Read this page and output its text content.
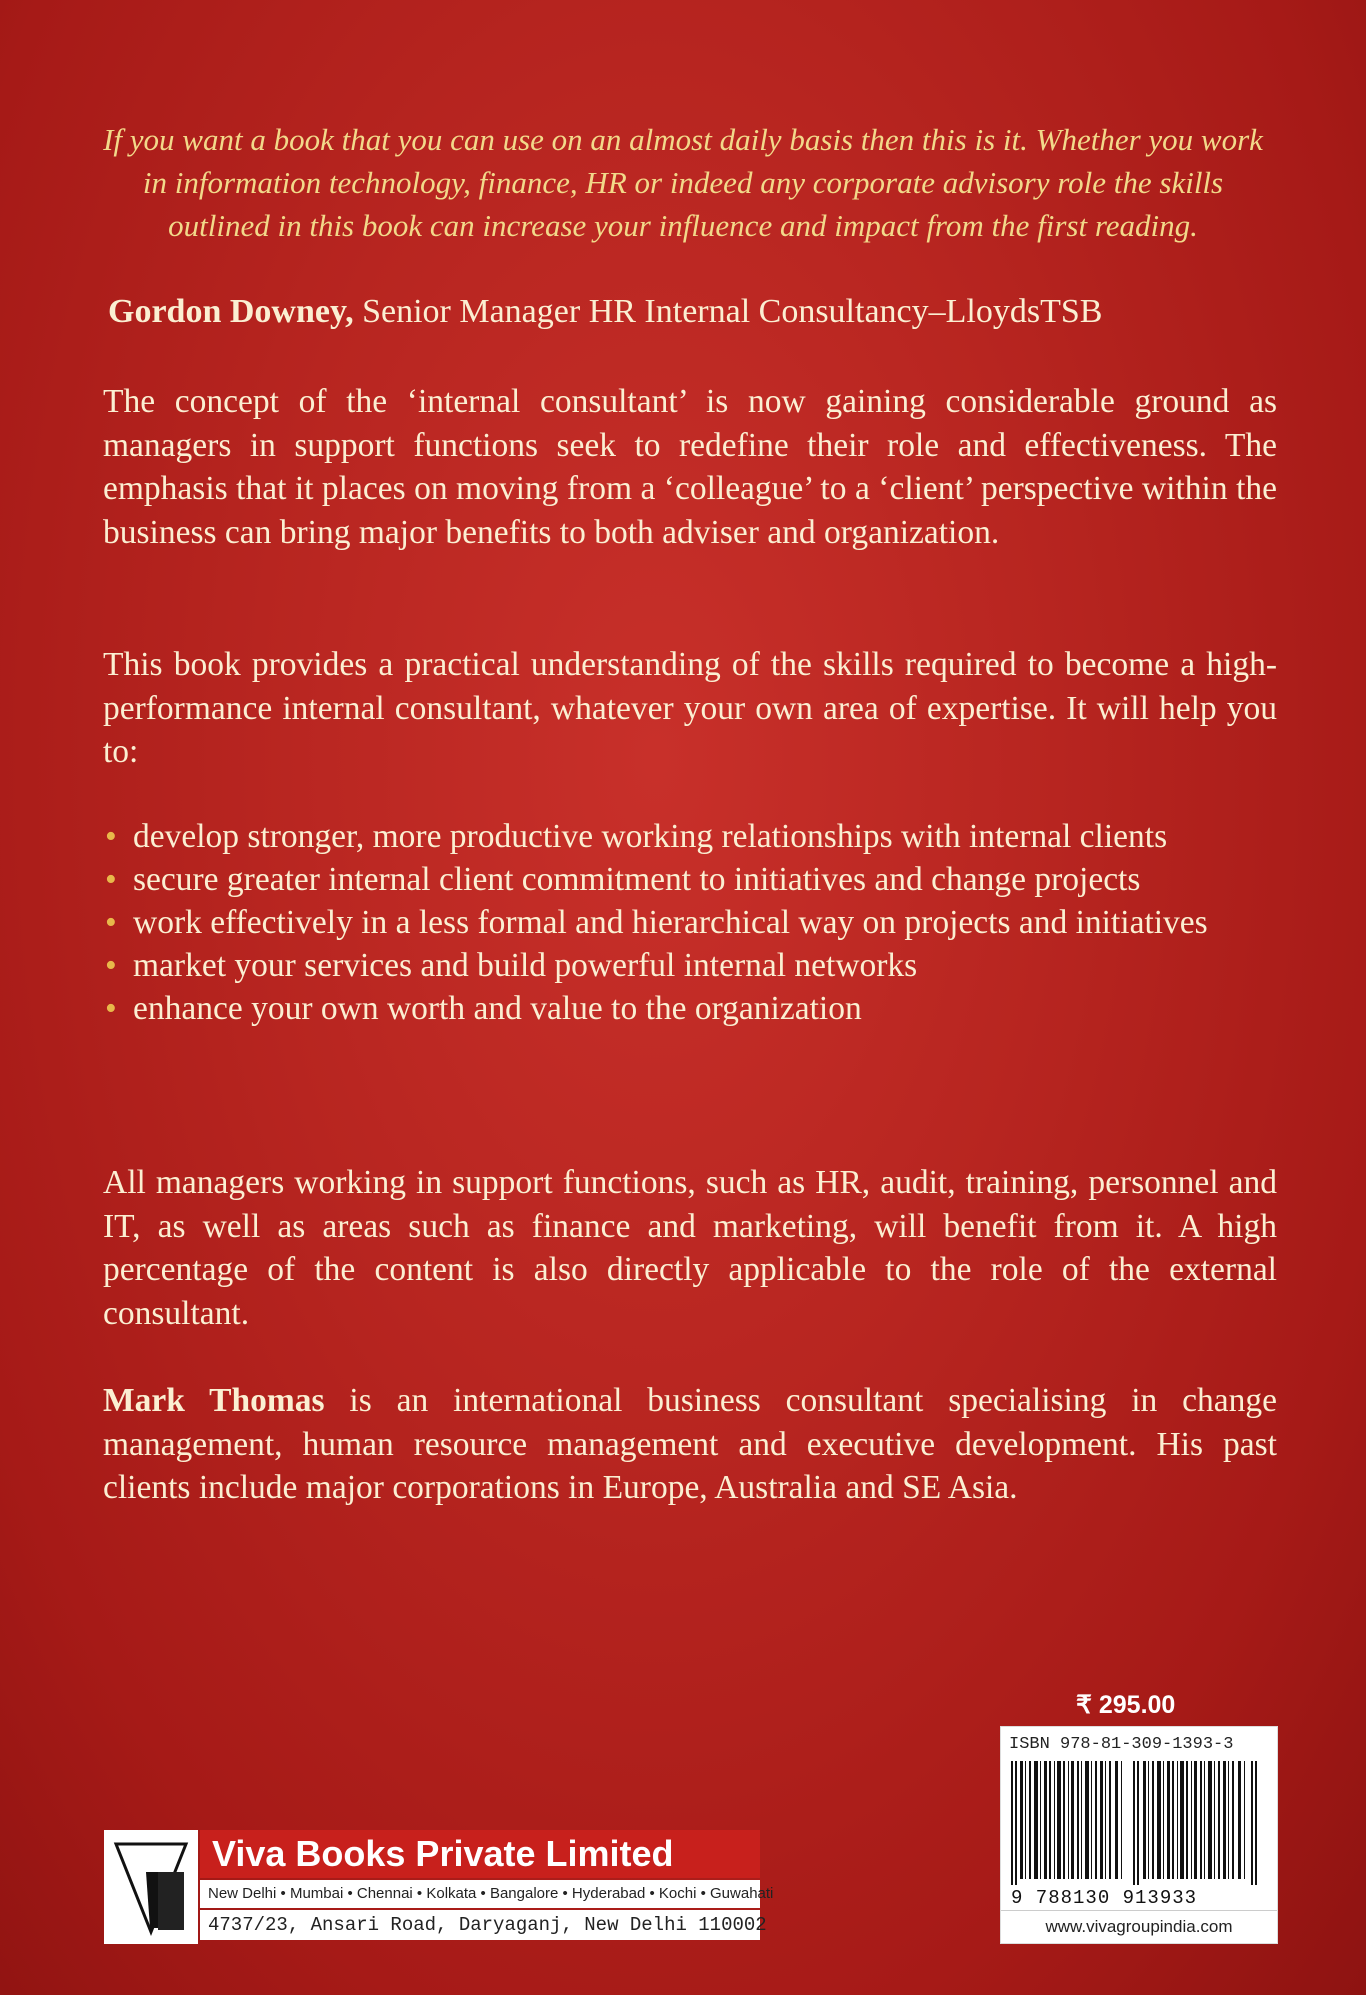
If you want a book that you can use on an almost daily basis then this is it. Whether you work in information technology, finance, HR or indeed any corporate advisory role the skills outlined in this book can increase your influence and impact from the first reading.
Gordon Downey, Senior Manager HR Internal Consultancy–LloydsTSB
The concept of the ‘internal consultant’ is now gaining considerable ground as managers in support functions seek to redefine their role and effectiveness. The emphasis that it places on moving from a ‘colleague’ to a ‘client’ perspective within the business can bring major benefits to both adviser and organization.
This book provides a practical understanding of the skills required to become a high-performance internal consultant, whatever your own area of expertise. It will help you to:
• develop stronger, more productive working relationships with internal clients
• secure greater internal client commitment to initiatives and change projects
• work effectively in a less formal and hierarchical way on projects and initiatives
• market your services and build powerful internal networks
• enhance your own worth and value to the organization
All managers working in support functions, such as HR, audit, training, personnel and IT, as well as areas such as finance and marketing, will benefit from it. A high percentage of the content is also directly applicable to the role of the external consultant.
Mark Thomas is an international business consultant specialising in change management, human resource management and executive development. His past clients include major corporations in Europe, Australia and SE Asia.
₹ 295.00
ISBN 978-81-309-1393-3
9 788130 913933
www.vivagroupindia.com
Viva Books Private Limited
New Delhi • Mumbai • Chennai • Kolkata • Bangalore • Hyderabad • Kochi • Guwahati
4737/23, Ansari Road, Daryaganj, New Delhi 110002
